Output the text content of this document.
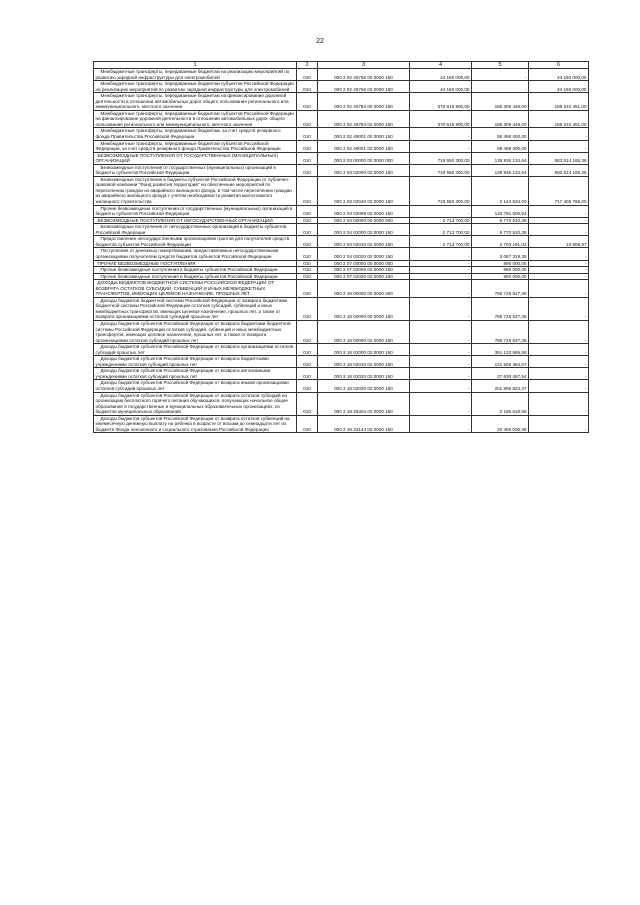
22
1	2	3	4	5	6
Межбюджетные трансферты, передаваемые бюджетам на реализацию мероприятий по развитию зарядной инфраструктуры для электромобилей	010	000 2 02 45766 00 0000 150	44 160 000,00	-	44 160 000,00
Межбюджетные трансферты, передаваемые бюджетам субъектов Российской Федерации на реализацию мероприятий по развитию зарядной инфраструктуры для электромобилей	010	000 2 02 45766 02 0000 150	44 160 000,00	-	44 160 000,00
Межбюджетные трансферты, передаваемые бюджетам на финансирование дорожной деятельности в отношении автомобильных дорог общего пользования регионального или межмуниципального, местного значения	010	000 2 02 45784 00 0000 150	370 619 900,00	185 309 449,00	185 310 451,00
Межбюджетные трансферты, передаваемые бюджетам субъектов Российской Федерации на финансирование дорожной деятельности в отношении автомобильных дорог общего пользования регионального или межмуниципального, местного значения	010	000 2 02 45784 02 0000 150	370 619 900,00	185 309 449,00	185 310 451,00
Межбюджетные трансферты, передаваемые бюджетам, за счет средств резервного фонда Правительства Российской Федерации	010	000 2 02 49001 00 0000 150	-	58 498 400,00	-
Межбюджетные трансферты, передаваемые бюджетам субъектов Российской Федерации, за счет средств резервного фонда Правительства Российской Федерации	010	000 2 02 49001 02 0000 150	-	58 498 400,00	-
БЕЗВОЗМЕЗДНЫЕ ПОСТУПЛЕНИЯ ОТ ГОСУДАРСТВЕННЫХ (МУНИЦИПАЛЬНЫХ) ОРГАНИЗАЦИЙ	010	000 2 03 00000 00 0000 000	719 550 300,00	135 936 134,64	583 614 165,36
Безвозмездные поступления от государственных (муниципальных) организаций в бюджеты субъектов Российской Федерации	010	000 2 03 02000 02 0000 150	719 550 300,00	135 936 134,64	583 614 165,36
Безвозмездные поступления в бюджеты субъектов Российской Федерации от публично-правовой компании "Фонд развития территорий" на обеспечение мероприятий по переселению граждан из аварийного жилищного фонда, в том числе переселению граждан из аварийного жилищного фонда с учетом необходимости развития малоэтажного жилищного строительства	010	000 2 03 02040 02 0000 150	719 550 300,00	2 144 534,00	717 405 766,00
Прочие безвозмездные поступления от государственных (муниципальных) организаций в бюджеты субъектов Российской Федерации	010	000 2 03 02099 02 0000 150	-	133 791 600,64	-
БЕЗВОЗМЕЗДНЫЕ ПОСТУПЛЕНИЯ ОТ НЕГОСУДАРСТВЕННЫХ ОРГАНИЗАЦИЙ	010	000 2 04 00000 00 0000 000	2 713 700,00	5 770 510,38	-
Безвозмездные поступления от негосударственных организаций в бюджеты субъектов Российской Федерации	010	000 2 04 02000 02 0000 150	2 713 700,00	5 770 510,38	-
Предоставление негосударственными организациями грантов для получателей средств бюджетов субъектов Российской Федерации	010	000 2 04 02010 02 0000 150	2 713 700,00	2 703 191,03	10 508,97
Поступления от денежных пожертвований, предоставляемых негосударственными организациями получателям средств бюджетов субъектов Российской Федерации	010	000 2 04 02020 02 0000 150	-	3 067 319,35	-
ПРОЧИЕ БЕЗВОЗМЕЗДНЫЕ ПОСТУПЛЕНИЯ	010	000 2 07 00000 00 0000 000	-	890 000,00	-
Прочие безвозмездные поступления в бюджеты субъектов Российской Федерации	010	000 2 07 02000 02 0000 150	-	890 000,00	-
Прочие безвозмездные поступления в бюджеты субъектов Российской Федерации	010	000 2 07 02030 02 0000 150	-	890 000,00	-
ДОХОДЫ БЮДЖЕТОВ БЮДЖЕТНОЙ СИСТЕМЫ РОССИЙСКОЙ ФЕДЕРАЦИИ ОТ ВОЗВРАТА ОСТАТКОВ СУБСИДИЙ, СУБВЕНЦИЙ И ИНЫХ МЕЖБЮДЖЕТНЫХ ТРАНСФЕРТОВ, ИМЕЮЩИХ ЦЕЛЕВОЕ НАЗНАЧЕНИЕ, ПРОШЛЫХ ЛЕТ	010	000 2 18 00000 00 0000 000	-	765 726 627,36	-
Доходы бюджетов бюджетной системы Российской Федерации от возврата бюджетами бюджетной системы Российской Федерации остатков субсидий, субвенций и иных межбюджетных трансфертов, имеющих целевое назначение, прошлых лет, а также от возврата организациями остатков субсидий прошлых лет	010	000 2 18 00000 00 0000 150	-	765 726 627,36	-
Доходы бюджетов субъектов Российской Федерации от возврата бюджетами бюджетной системы Российской Федерации остатков субсидий, субвенций и иных межбюджетных трансфертов, имеющих целевое назначение, прошлых лет, а также от возврата организациями остатков субсидий прошлых лет	010	000 2 18 00000 02 0000 150	-	765 726 627,36	-
Доходы бюджетов субъектов Российской Федерации от возврата организациями остатков субсидий прошлых лет	010	000 2 18 02000 02 0000 150	-	351 133 665,58	-
Доходы бюджетов субъектов Российской Федерации от возврата бюджетными учреждениями остатков субсидий прошлых лет	010	000 2 18 02010 02 0000 150	-	121 606 384,67	-
Доходы бюджетов субъектов Российской Федерации от возврата автономными учреждениями остатков субсидий прошлых лет	010	000 2 18 02020 02 0000 150	-	27 630 457,54	-
Доходы бюджетов субъектов Российской Федерации от возврата иными организациями остатков субсидий прошлых лет	010	000 2 18 02030 02 0000 150	-	201 896 823,37	-
Доходы бюджетов субъектов Российской Федерации от возврата остатков субсидий на организацию бесплатного горячего питания обучающихся, получающих начальное общее образование в государственных и муниципальных образовательных организациях, из бюджетов муниципальных образований	010	000 2 18 25304 02 0000 150	-	2 195 618,55	-
Доходы бюджетов субъектов Российской Федерации от возврата остатков субвенций на ежемесячную денежную выплату на ребенка в возрасте от восьми до семнадцати лет из бюджета Фонда пенсионного и социального страхования Российской Федерации	010	000 2 18 33144 02 0000 150	-	20 458 006,36	-
